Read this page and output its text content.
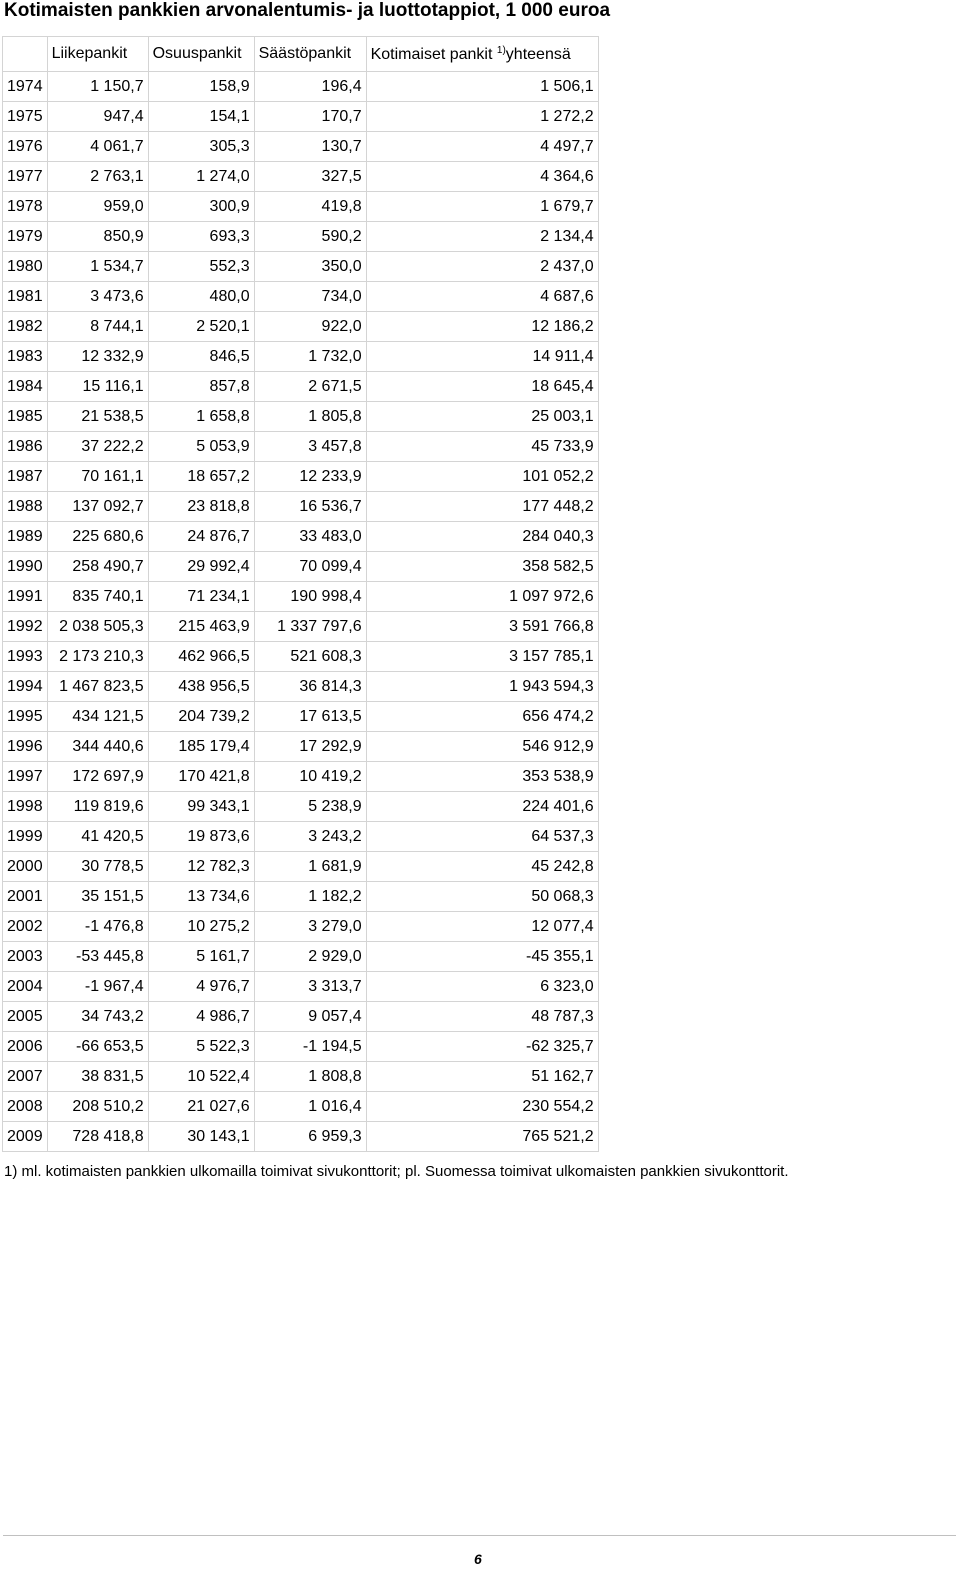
Kotimaisten pankkien arvonalentumis- ja luottotappiot, 1 000 euroa
	Liikepankit	Osuuspankit	Säästöpankit	Kotimaiset pankit $^{1)}$yhteensä
1974	1 150,7	158,9	196,4	1 506,1
1975	947,4	154,1	170,7	1 272,2
1976	4 061,7	305,3	130,7	4 497,7
1977	2 763,1	1 274,0	327,5	4 364,6
1978	959,0	300,9	419,8	1 679,7
1979	850,9	693,3	590,2	2 134,4
1980	1 534,7	552,3	350,0	2 437,0
1981	3 473,6	480,0	734,0	4 687,6
1982	8 744,1	2 520,1	922,0	12 186,2
1983	12 332,9	846,5	1 732,0	14 911,4
1984	15 116,1	857,8	2 671,5	18 645,4
1985	21 538,5	1 658,8	1 805,8	25 003,1
1986	37 222,2	5 053,9	3 457,8	45 733,9
1987	70 161,1	18 657,2	12 233,9	101 052,2
1988	137 092,7	23 818,8	16 536,7	177 448,2
1989	225 680,6	24 876,7	33 483,0	284 040,3
1990	258 490,7	29 992,4	70 099,4	358 582,5
1991	835 740,1	71 234,1	190 998,4	1 097 972,6
1992	2 038 505,3	215 463,9	1 337 797,6	3 591 766,8
1993	2 173 210,3	462 966,5	521 608,3	3 157 785,1
1994	1 467 823,5	438 956,5	36 814,3	1 943 594,3
1995	434 121,5	204 739,2	17 613,5	656 474,2
1996	344 440,6	185 179,4	17 292,9	546 912,9
1997	172 697,9	170 421,8	10 419,2	353 538,9
1998	119 819,6	99 343,1	5 238,9	224 401,6
1999	41 420,5	19 873,6	3 243,2	64 537,3
2000	30 778,5	12 782,3	1 681,9	45 242,8
2001	35 151,5	13 734,6	1 182,2	50 068,3
2002	-1 476,8	10 275,2	3 279,0	12 077,4
2003	-53 445,8	5 161,7	2 929,0	-45 355,1
2004	-1 967,4	4 976,7	3 313,7	6 323,0
2005	34 743,2	4 986,7	9 057,4	48 787,3
2006	-66 653,5	5 522,3	-1 194,5	-62 325,7
2007	38 831,5	10 522,4	1 808,8	51 162,7
2008	208 510,2	21 027,6	1 016,4	230 554,2
2009	728 418,8	30 143,1	6 959,3	765 521,2
1) ml. kotimaisten pankkien ulkomailla toimivat sivukonttorit; pl. Suomessa toimivat ulkomaisten pankkien sivukonttorit.
6
